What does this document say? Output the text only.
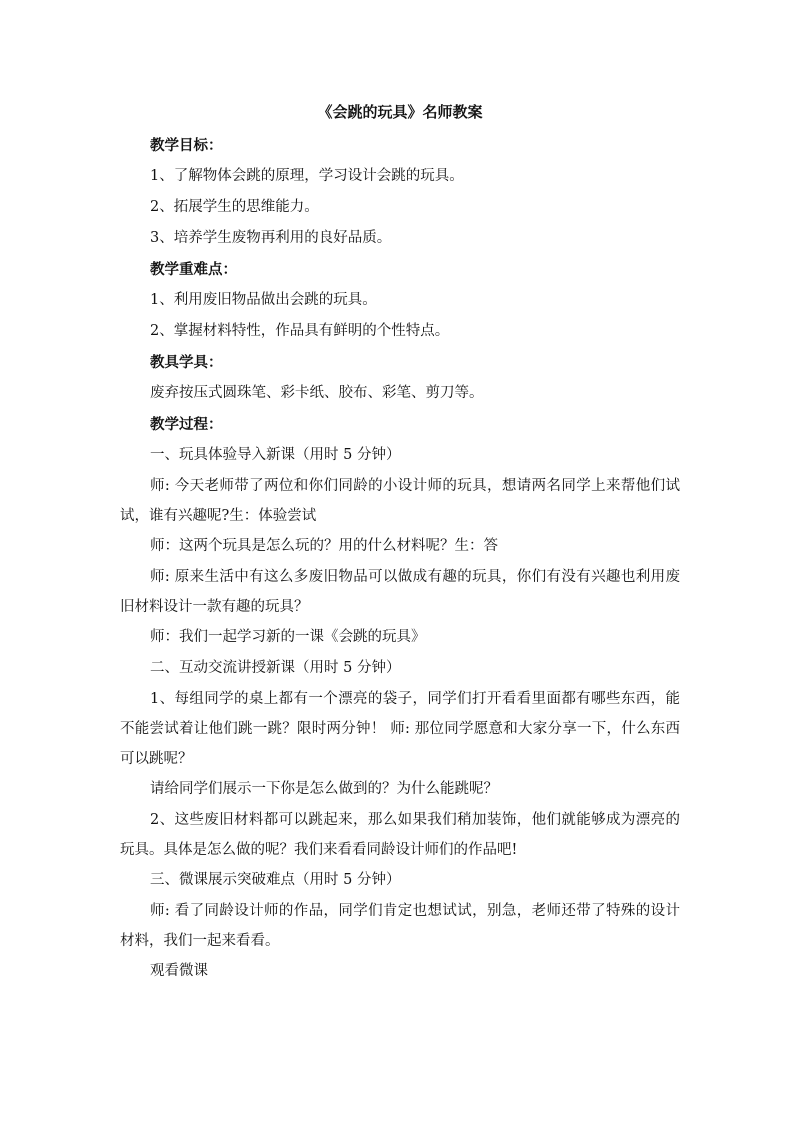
《会跳的玩具》名师教案
教学目标：
1、了解物体会跳的原理，学习设计会跳的玩具。
2、拓展学生的思维能力。
3、培养学生废物再利用的良好品质。
教学重难点：
1、利用废旧物品做出会跳的玩具。
2、掌握材料特性，作品具有鲜明的个性特点。
教具学具：
废弃按压式圆珠笔、彩卡纸、胶布、彩笔、剪刀等。
教学过程：
一、玩具体验导入新课（用时 5 分钟）
师: 今天老师带了两位和你们同龄的小设计师的玩具，想请两名同学上来帮他们试试，谁有兴趣呢?生：体验尝试
师：这两个玩具是怎么玩的？用的什么材料呢？生：答
师: 原来生活中有这么多废旧物品可以做成有趣的玩具，你们有没有兴趣也利用废旧材料设计一款有趣的玩具？
师：我们一起学习新的一课《会跳的玩具》
二、互动交流讲授新课（用时 5 分钟）
1、每组同学的桌上都有一个漂亮的袋子，同学们打开看看里面都有哪些东西，能不能尝试着让他们跳一跳？限时两分钟！ 师: 那位同学愿意和大家分享一下，什么东西可以跳呢？
请给同学们展示一下你是怎么做到的？为什么能跳呢？
2、这些废旧材料都可以跳起来，那么如果我们稍加装饰，他们就能够成为漂亮的玩具。具体是怎么做的呢？我们来看看同龄设计师们的作品吧!
三、微课展示突破难点（用时 5 分钟）
师: 看了同龄设计师的作品，同学们肯定也想试试，别急，老师还带了特殊的设计材料，我们一起来看看。
观看微课
